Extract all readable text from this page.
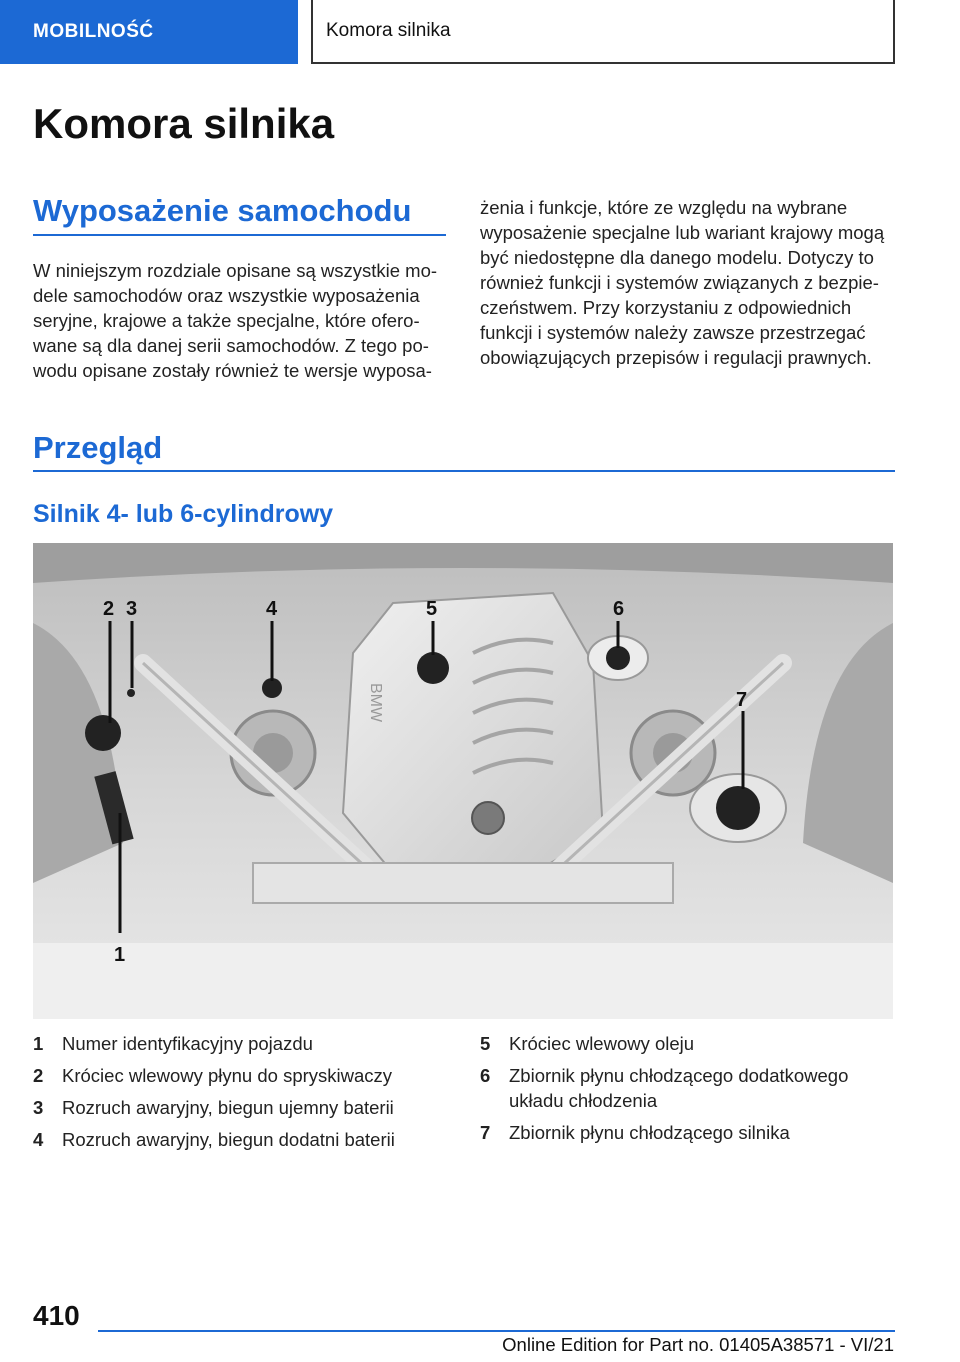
MOBILNOŚĆ	Komora silnika
Komora silnika
Wyposażenie samochodu
W niniejszym rozdziale opisane są wszystkie mo‐
dele samochodów oraz wszystkie wyposażenia
seryjne, krajowe a także specjalne, które ofero‐
wane są dla danej serii samochodów. Z tego po‐
wodu opisane zostały również te wersje wyposa‐
żenia i funkcje, które ze względu na wybrane
wyposażenie specjalne lub wariant krajowy mogą
być niedostępne dla danego modelu. Dotyczy to
również funkcji i systemów związanych z bezpie‐
czeństwem. Przy korzystaniu z odpowiednich
funkcji i systemów należy zawsze przestrzegać
obowiązujących przepisów i regulacji prawnych.
Przegląd
Silnik 4- lub 6-cylindrowy
BMW
2 3	4	5	6
7
1
1 Numer identyfikacyjny pojazdu
2 Króciec wlewowy płynu do spryskiwaczy
3 Rozruch awaryjny, biegun ujemny baterii
4 Rozruch awaryjny, biegun dodatni baterii
5 Króciec wlewowy oleju
6 Zbiornik płynu chłodzącego dodatkowego
układu chłodzenia
7 Zbiornik płynu chłodzącego silnika
410
Online Edition for Part no. 01405A38571 - VI/21
